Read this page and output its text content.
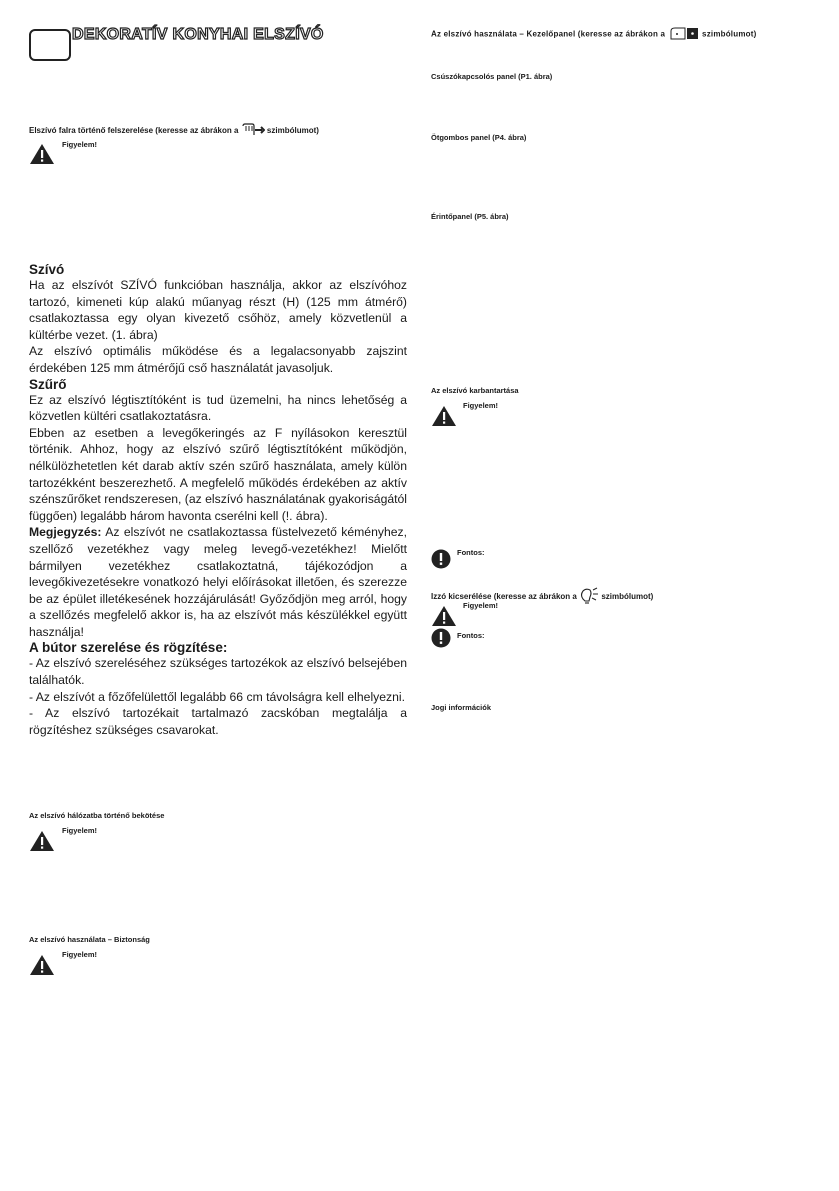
DEKORATÍV KONYHAI ELSZÍVÓ
Elszívó falra történő felszerelése (keresse az ábrákon a	szimbólumot)
Figyelem!
Szívó

Ha az elszívót SZÍVÓ funkcióban használja, akkor az elszívóhoz tartozó, kimeneti kúp alakú műanyag részt (H) (125 mm átmérő) csatlakoztassa egy olyan kivezető csőhöz, amely közvetlenül a kültérbe vezet. (1. ábra)

Az elszívó optimális működése és a legalacsonyabb zajszint érdekében 125 mm átmérőjű cső használatát javasoljuk.

Szűrő

Ez az elszívó légtisztítóként is tud üzemelni, ha nincs lehetőség a közvetlen kültéri csatlakoztatásra.

Ebben az esetben a levegőkeringés az F nyílásokon keresztül történik. Ahhoz, hogy az elszívó szűrő légtisztítóként működjön, nélkülözhetetlen két darab aktív szén szűrő használata, amely külön tartozékként beszerezhető. A megfelelő működés érdekében az aktív szénszűrőket rendszeresen, (az elszívó használatának gyakoriságától függően) legalább három havonta cserélni kell (!. ábra).

Megjegyzés: Az elszívót ne csatlakoztassa füstelvezető kéményhez, szellőző vezetékhez vagy meleg levegő-vezetékhez! Mielőtt bármilyen vezetékhez csatlakoztatná, tájékozódjon a levegőkivezetésekre vonatkozó helyi előírásokat illetően, és szerezze be az épület illetékesének hozzájárulását! Győződjön meg arról, hogy a szellőzés megfelelő akkor is, ha az elszívót más készülékkel együtt használja!

A bútor szerelése és rögzítése:

- Az elszívó szereléséhez szükséges tartozékok az elszívó belsejében találhatók.

- Az elszívót a főzőfelülettől legalább 66 cm távolságra kell elhelyezni.

- Az elszívó tartozékait tartalmazó zacskóban megtalálja a rögzítéshez szükséges csavarokat.

Az elszívó hálózatba történő bekötése
Figyelem!
Az elszívó használata – Biztonság
Figyelem!
Az elszívó használata – Kezelőpanel (keresse az ábrákon a	szimbólumot)
Csúszókapcsolós panel (P1. ábra)
Ötgombos panel (P4. ábra)
Érintőpanel (P5. ábra)
Az elszívó karbantartása
Figyelem!
Fontos:
Izzó kicserélése (keresse az ábrákon a	szimbólumot)
Figyelem!
Fontos:
Jogi információk
